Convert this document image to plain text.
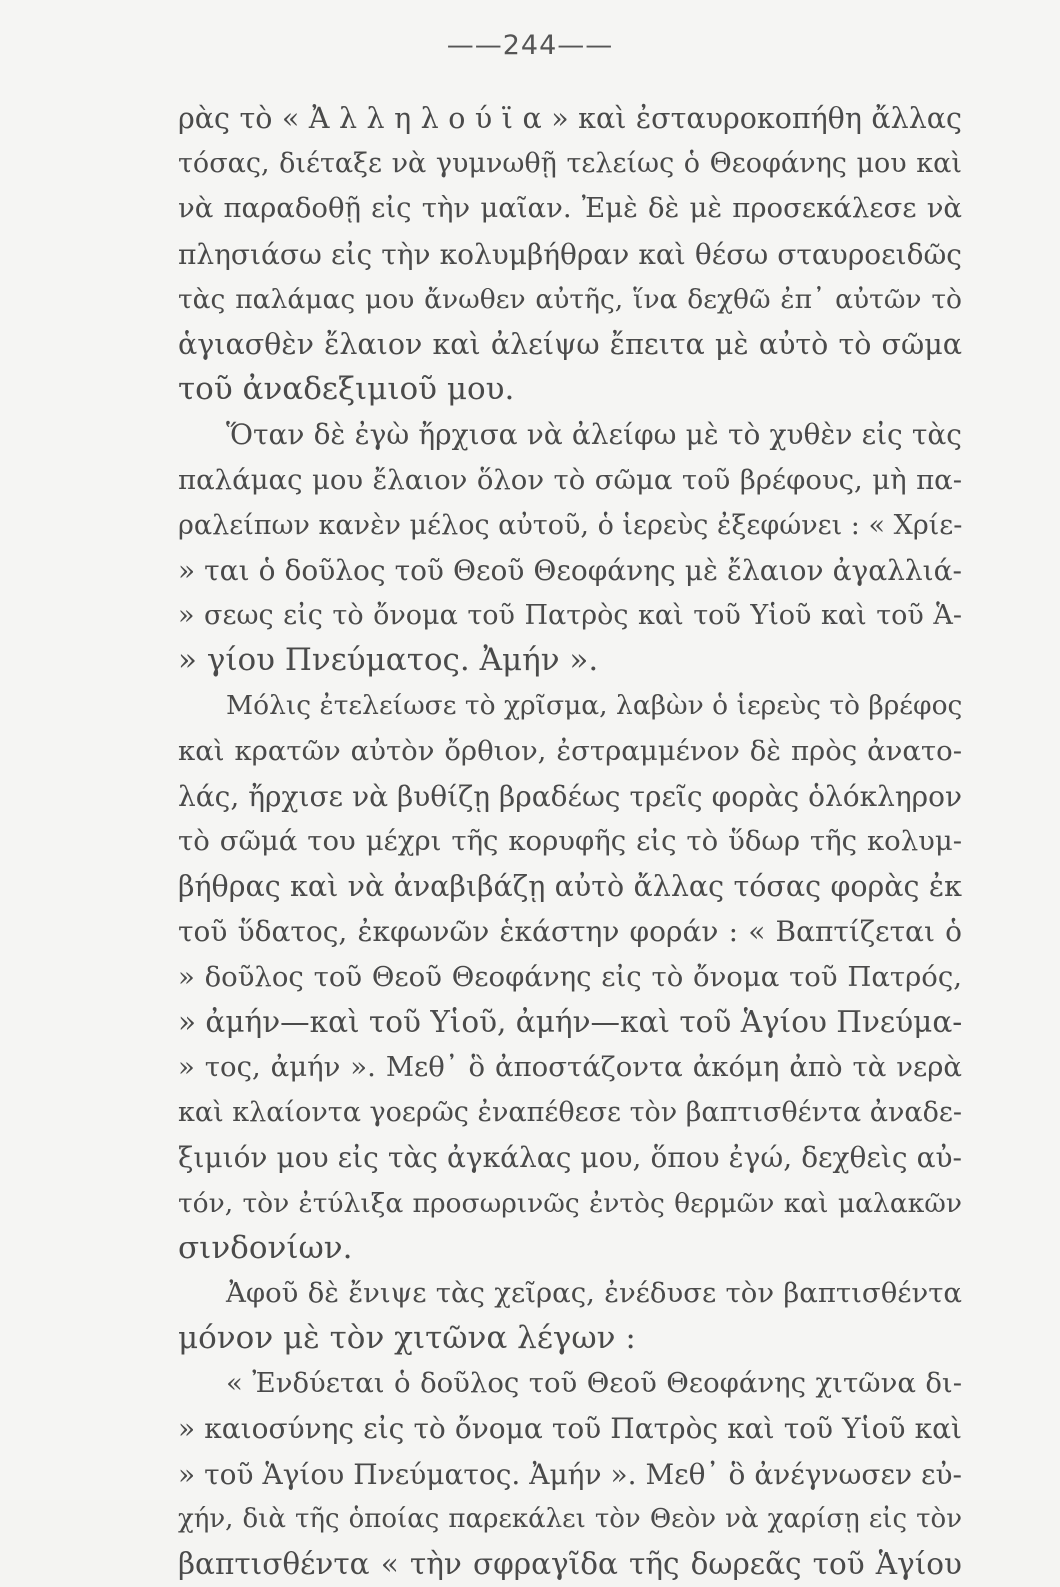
——244——
ρὰς τὸ « Ἀ λ λ η λ ο ύ ϊ α » καὶ ἐσταυροκοπήθη ἄλλας
τόσας, διέταξε νὰ γυμνωθῇ τελείως ὁ Θεοφάνης μου καὶ
νὰ παραδοθῇ εἰς τὴν μαῖαν. Ἐμὲ δὲ μὲ προσεκάλεσε νὰ
πλησιάσω εἰς τὴν κολυμβήθραν καὶ θέσω σταυροειδῶς
τὰς παλάμας μου ἄνωθεν αὐτῆς, ἵνα δεχθῶ ἐπ᾽ αὐτῶν τὸ
ἁγιασθὲν ἔλαιον καὶ ἀλείψω ἔπειτα μὲ αὐτὸ τὸ σῶμα
τοῦ ἀναδεξιμιοῦ μου.
Ὅταν δὲ ἐγὼ ἤρχισα νὰ ἀλείφω μὲ τὸ χυθὲν εἰς τὰς
παλάμας μου ἔλαιον ὅλον τὸ σῶμα τοῦ βρέφους, μὴ πα-
ραλείπων κανὲν μέλος αὐτοῦ, ὁ ἱερεὺς ἐξεφώνει : « Χρίε-
» ται ὁ δοῦλος τοῦ Θεοῦ Θεοφάνης μὲ ἔλαιον ἀγαλλιά-
» σεως εἰς τὸ ὄνομα τοῦ Πατρὸς καὶ τοῦ Υἱοῦ καὶ τοῦ Ἁ-
» γίου Πνεύματος. Ἀμήν ».
Μόλις ἐτελείωσε τὸ χρῖσμα, λαβὼν ὁ ἱερεὺς τὸ βρέφος
καὶ κρατῶν αὐτὸν ὄρθιον, ἐστραμμένον δὲ πρὸς ἀνατο-
λάς, ἤρχισε νὰ βυθίζῃ βραδέως τρεῖς φορὰς ὁλόκληρον
τὸ σῶμά του μέχρι τῆς κορυφῆς εἰς τὸ ὕδωρ τῆς κολυμ-
βήθρας καὶ νὰ ἀναβιβάζῃ αὐτὸ ἄλλας τόσας φορὰς ἐκ
τοῦ ὕδατος, ἐκφωνῶν ἑκάστην φοράν : « Βαπτίζεται ὁ
» δοῦλος τοῦ Θεοῦ Θεοφάνης εἰς τὸ ὄνομα τοῦ Πατρός,
» ἀμήν—καὶ τοῦ Υἱοῦ, ἀμήν—καὶ τοῦ Ἁγίου Πνεύμα-
» τος, ἀμήν ». Μεθ᾽ ὃ ἀποστάζοντα ἀκόμη ἀπὸ τὰ νερὰ
καὶ κλαίοντα γοερῶς ἐναπέθεσε τὸν βαπτισθέντα ἀναδε-
ξιμιόν μου εἰς τὰς ἀγκάλας μου, ὅπου ἐγώ, δεχθεὶς αὐ-
τόν, τὸν ἐτύλιξα προσωρινῶς ἐντὸς θερμῶν καὶ μαλακῶν
σινδονίων.
Ἀφοῦ δὲ ἔνιψε τὰς χεῖρας, ἐνέδυσε τὸν βαπτισθέντα
μόνον μὲ τὸν χιτῶνα λέγων :
« Ἐνδύεται ὁ δοῦλος τοῦ Θεοῦ Θεοφάνης χιτῶνα δι-
» καιοσύνης εἰς τὸ ὄνομα τοῦ Πατρὸς καὶ τοῦ Υἱοῦ καὶ
» τοῦ Ἁγίου Πνεύματος. Ἀμήν ». Μεθ᾽ ὃ ἀνέγνωσεν εὐ-
χήν, διὰ τῆς ὁποίας παρεκάλει τὸν Θεὸν νὰ χαρίσῃ εἰς τὸν
βαπτισθέντα « τὴν σφραγῖδα τῆς δωρεᾶς τοῦ Ἁγίου
